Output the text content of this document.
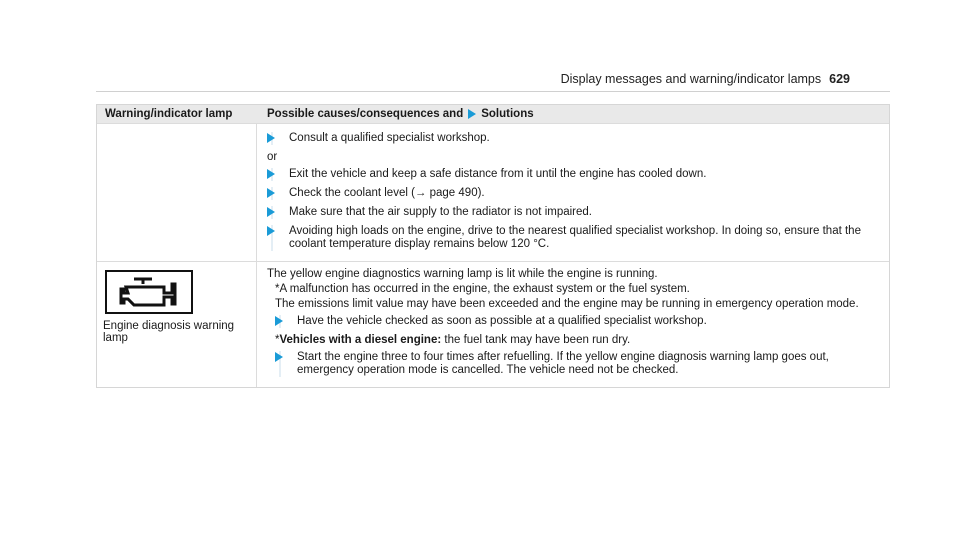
Display messages and warning/indicator lamps 629
Warning/indicator lamp	Possible causes/consequences and Solutions
Consult a qualified specialist workshop.
or
Exit the vehicle and keep a safe distance from it until the engine has cooled down.
Check the coolant level (→ page 490).
Make sure that the air supply to the radiator is not impaired.
Avoiding high loads on the engine, drive to the nearest qualified specialist workshop. In doing so, ensure that the coolant temperature display remains below 120 °C.
Engine diagnosis warning lamp
The yellow engine diagnostics warning lamp is lit while the engine is running.
*A malfunction has occurred in the engine, the exhaust system or the fuel system.
The emissions limit value may have been exceeded and the engine may be running in emergency operation mode.
Have the vehicle checked as soon as possible at a qualified specialist workshop.
*Vehicles with a diesel engine: the fuel tank may have been run dry.
Start the engine three to four times after refuelling. If the yellow engine diagnosis warning lamp goes out, emergency operation mode is cancelled. The vehicle need not be checked.
